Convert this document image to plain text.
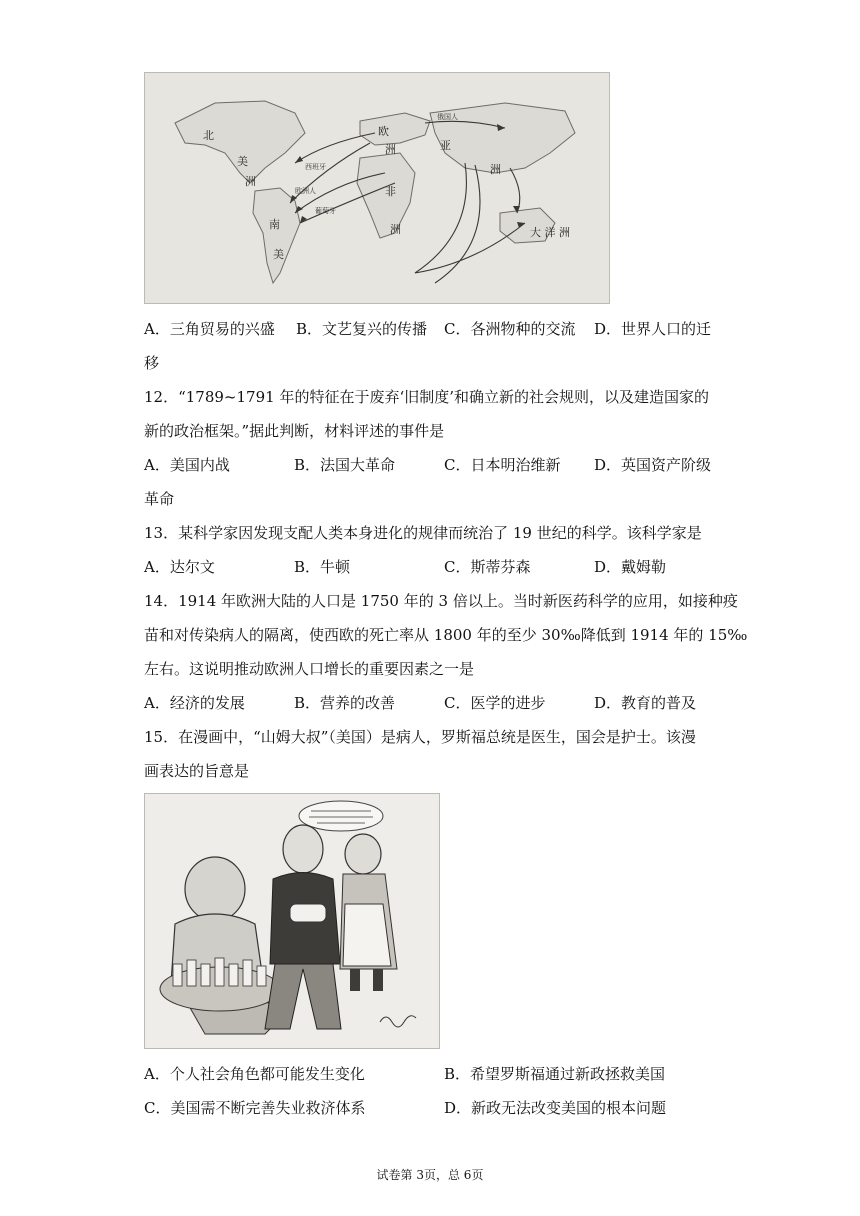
北
美
洲
欧
洲	亚
洲
非
洲
南
美
大 洋 洲
俄国人
欧洲人
西班牙
葡萄牙
A．三角贸易的兴盛 B．文艺复兴的传播 C．各洲物种的交流 D．世界人口的迁
移
12．“1789~1791 年的特征在于废弃‘旧制度’和确立新的社会规则，以及建造国家的
新的政治框架。”据此判断，材料评述的事件是
A．美国内战	B．法国大革命	C．日本明治维新 D．英国资产阶级
革命
13．某科学家因发现支配人类本身进化的规律而统治了 19 世纪的科学。该科学家是
A．达尔文	B．牛顿	C．斯蒂芬森	D．戴姆勒
14．1914 年欧洲大陆的人口是 1750 年的 3 倍以上。当时新医药科学的应用，如接种疫
苗和对传染病人的隔离，使西欧的死亡率从 1800 年的至少 30‰降低到 1914 年的 15‰
左右。这说明推动欧洲人口增长的重要因素之一是
A．经济的发展	B．营养的改善	C．医学的进步	D．教育的普及
15．在漫画中，“山姆大叔”（美国）是病人，罗斯福总统是医生，国会是护士。该漫
画表达的旨意是
A．个人社会角色都可能发生变化	B．希望罗斯福通过新政拯救美国
C．美国需不断完善失业救济体系	D．新政无法改变美国的根本问题
试卷第 3页，总 6页
